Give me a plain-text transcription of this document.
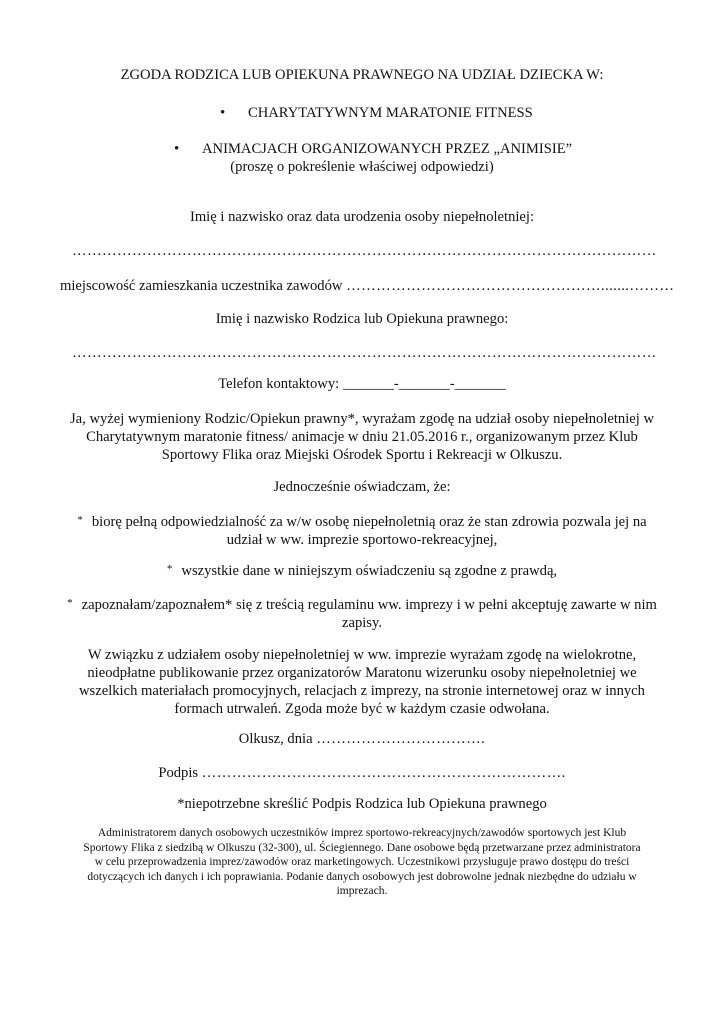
ZGODA RODZICA LUB OPIEKUNA PRAWNEGO NA UDZIAŁ DZIECKA W:
• CHARYTATYWNYM MARATONIE FITNESS
• ANIMACJACH ORGANIZOWANYCH PRZEZ „ANIMISIE”
(proszę o pokreślenie właściwej odpowiedzi)
Imię i nazwisko oraz data urodzenia osoby niepełnoletniej:
………………………………………………………………………………………………………
miejscowość zamieszkania uczestnika zawodów …………………………………………….......………
Imię i nazwisko Rodzica lub Opiekuna prawnego:
………………………………………………………………………………………………………
Telefon kontaktowy: _______-_______-_______
Ja, wyżej wymieniony Rodzic/Opiekun prawny*, wyrażam zgodę na udział osoby niepełnoletniej w Charytatywnym maratonie fitness/ animacje w dniu 21.05.2016 r., organizowanym przez Klub Sportowy Flika oraz Miejski Ośrodek Sportu i Rekreacji w Olkuszu.
Jednocześnie oświadczam, że:
* biorę pełną odpowiedzialność za w/w osobę niepełnoletnią oraz że stan zdrowia pozwala jej na udział w ww. imprezie sportowo-rekreacyjnej,
* wszystkie dane w niniejszym oświadczeniu są zgodne z prawdą,
* zapoznałam/zapoznałem* się z treścią regulaminu ww. imprezy i w pełni akceptuję zawarte w nim zapisy.
W związku z udziałem osoby niepełnoletniej w ww. imprezie wyrażam zgodę na wielokrotne, nieodpłatne publikowanie przez organizatorów Maratonu wizerunku osoby niepełnoletniej we wszelkich materiałach promocyjnych, relacjach z imprezy, na stronie internetowej oraz w innych formach utrwaleń. Zgoda może być w każdym czasie odwołana.
Olkusz, dnia …………………………….
Podpis ……………………………………………………………….
*niepotrzebne skreślić Podpis Rodzica lub Opiekuna prawnego
Administratorem danych osobowych uczestników imprez sportowo-rekreacyjnych/zawodów sportowych jest Klub Sportowy Flika z siedzibą w Olkuszu (32-300), ul. Ściegiennego. Dane osobowe będą przetwarzane przez administratora w celu przeprowadzenia imprez/zawodów oraz marketingowych. Uczestnikowi przysługuje prawo dostępu do treści dotyczących ich danych i ich poprawiania. Podanie danych osobowych jest dobrowolne jednak niezbędne do udziału w imprezach.
